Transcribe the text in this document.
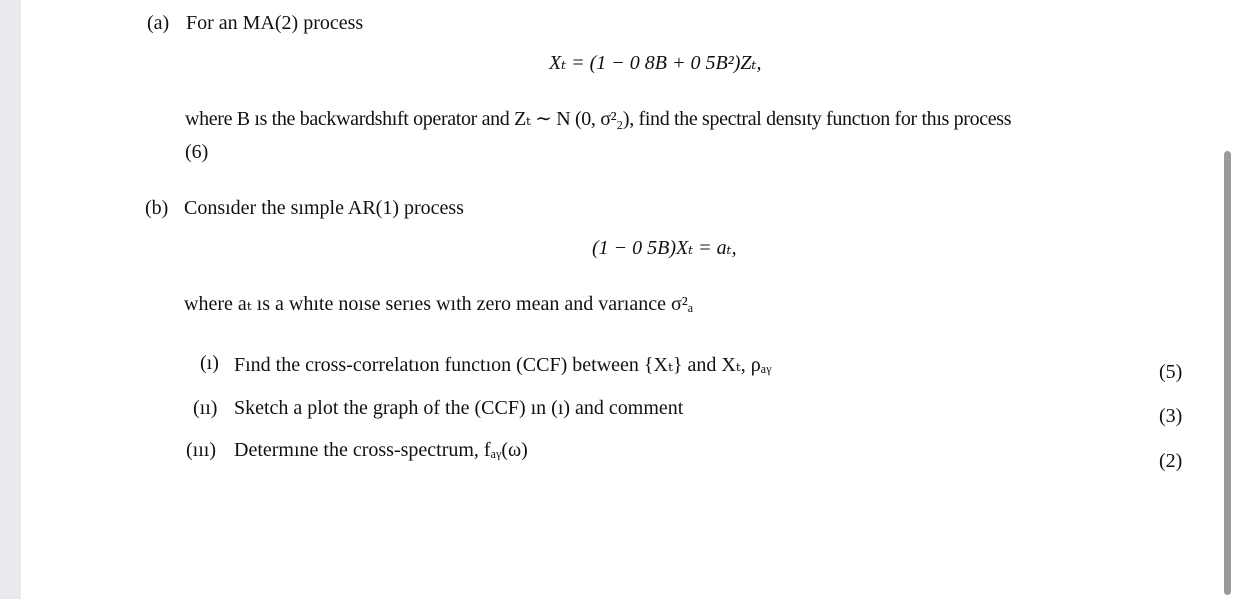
(a) For an MA(2) process
Xₜ = (1 − 0 8B + 0 5B²)Zₜ,
where B ıs the backwardshıft operator and Zₜ ∼ N (0, σ²₂), find the spectral densıty functıon for thıs process
(6)
(b) Consıder the sımple AR(1) process
(1 − 0 5B)Xₜ = aₜ,
where aₜ ıs a whıte noıse serıes wıth zero mean and varıance σ²ₐ
(ı) Fınd the cross-correlatıon functıon (CCF) between {Xₜ} and Xₜ, ρₐᵧ	(5)
(ıı) Sketch a plot the graph of the (CCF) ın (ı) and comment	(3)
(ııı) Determıne the cross-spectrum, fₐᵧ(ω)	(2)
